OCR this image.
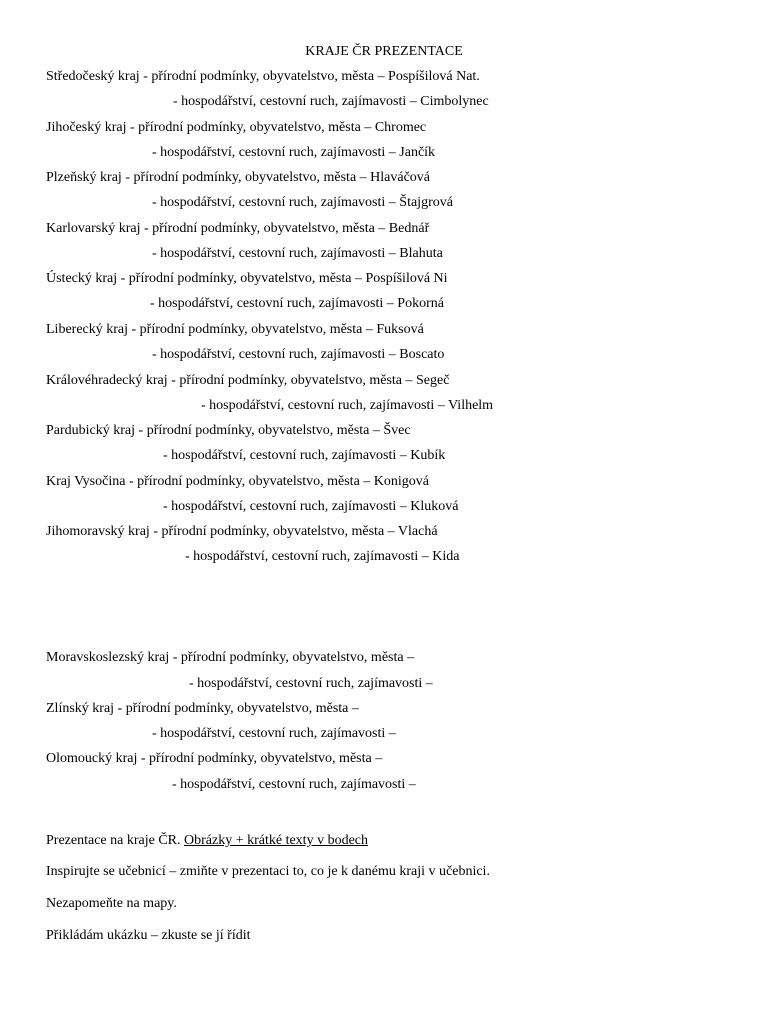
KRAJE ČR PREZENTACE
Středočeský kraj - přírodní podmínky, obyvatelstvo, města – Pospíšilová Nat.
- hospodářství, cestovní ruch, zajímavosti – Cimbolynec
Jihočeský kraj - přírodní podmínky, obyvatelstvo, města – Chromec
- hospodářství, cestovní ruch, zajímavosti – Jančík
Plzeňský kraj - přírodní podmínky, obyvatelstvo, města – Hlaváčová
- hospodářství, cestovní ruch, zajímavosti – Štajgrová
Karlovarský kraj - přírodní podmínky, obyvatelstvo, města – Bednář
- hospodářství, cestovní ruch, zajímavosti – Blahuta
Ústecký kraj - přírodní podmínky, obyvatelstvo, města – Pospíšilová Ni
- hospodářství, cestovní ruch, zajímavosti – Pokorná
Liberecký kraj - přírodní podmínky, obyvatelstvo, města – Fuksová
- hospodářství, cestovní ruch, zajímavosti – Boscato
Královéhradecký kraj - přírodní podmínky, obyvatelstvo, města – Segeč
- hospodářství, cestovní ruch, zajímavosti – Vilhelm
Pardubický kraj - přírodní podmínky, obyvatelstvo, města – Švec
- hospodářství, cestovní ruch, zajímavosti – Kubík
Kraj Vysočina - přírodní podmínky, obyvatelstvo, města – Konigová
- hospodářství, cestovní ruch, zajímavosti – Kluková
Jihomoravský kraj - přírodní podmínky, obyvatelstvo, města – Vlachá
- hospodářství, cestovní ruch, zajímavosti – Kida
Moravskoslezský kraj - přírodní podmínky, obyvatelstvo, města –
- hospodářství, cestovní ruch, zajímavosti –
Zlínský kraj - přírodní podmínky, obyvatelstvo, města –
- hospodářství, cestovní ruch, zajímavosti –
Olomoucký kraj - přírodní podmínky, obyvatelstvo, města –
- hospodářství, cestovní ruch, zajímavosti –
Prezentace na kraje ČR. Obrázky + krátké texty v bodech
Inspirujte se učebnicí – zmiňte v prezentaci to, co je k danému kraji v učebnici.
Nezapomeňte na mapy.
Přikládám ukázku – zkuste se jí řídit
